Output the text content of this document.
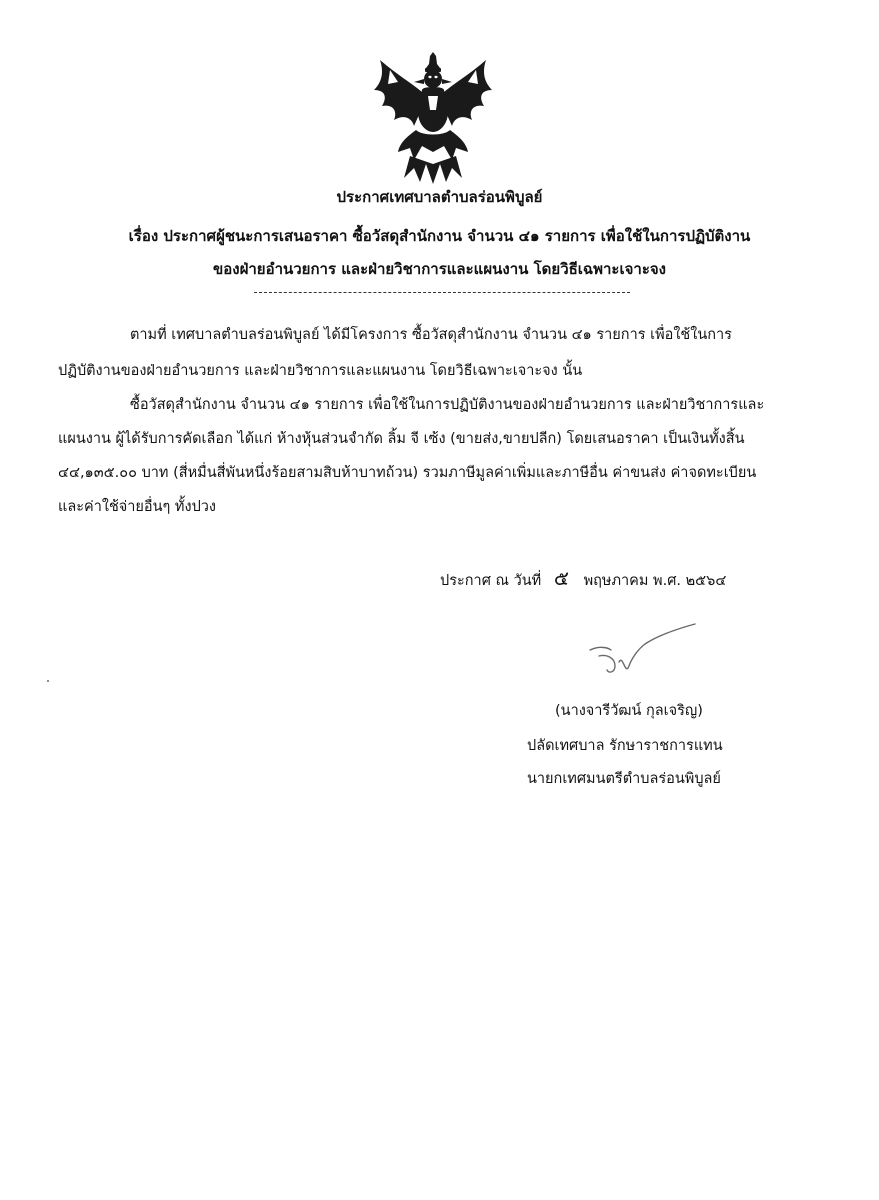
ประกาศเทศบาลตำบลร่อนพิบูลย์
เรื่อง ประกาศผู้ชนะการเสนอราคา ซื้อวัสดุสำนักงาน จำนวน ๔๑ รายการ เพื่อใช้ในการปฏิบัติงาน
ของฝ่ายอำนวยการ และฝ่ายวิชาการและแผนงาน โดยวิธีเฉพาะเจาะจง
ตามที่ เทศบาลตำบลร่อนพิบูลย์ ได้มีโครงการ ซื้อวัสดุสำนักงาน จำนวน ๔๑ รายการ เพื่อใช้ในการ
ปฏิบัติงานของฝ่ายอำนวยการ และฝ่ายวิชาการและแผนงาน โดยวิธีเฉพาะเจาะจง นั้น
ซื้อวัสดุสำนักงาน จำนวน ๔๑ รายการ เพื่อใช้ในการปฏิบัติงานของฝ่ายอำนวยการ และฝ่ายวิชาการและ
แผนงาน ผู้ได้รับการคัดเลือก ได้แก่ ห้างหุ้นส่วนจำกัด ลิ้ม จี เซ้ง (ขายส่ง,ขายปลีก) โดยเสนอราคา เป็นเงินทั้งสิ้น
๔๔,๑๓๕.๐๐ บาท (สี่หมื่นสี่พันหนึ่งร้อยสามสิบห้าบาทถ้วน) รวมภาษีมูลค่าเพิ่มและภาษีอื่น ค่าขนส่ง ค่าจดทะเบียน
และค่าใช้จ่ายอื่นๆ ทั้งปวง
ประกาศ ณ วันที่ ๕ พฤษภาคม พ.ศ. ๒๕๖๔
(นางจารีวัฒน์ กุลเจริญ)
ปลัดเทศบาล รักษาราชการแทน
นายกเทศมนตรีตำบลร่อนพิบูลย์
